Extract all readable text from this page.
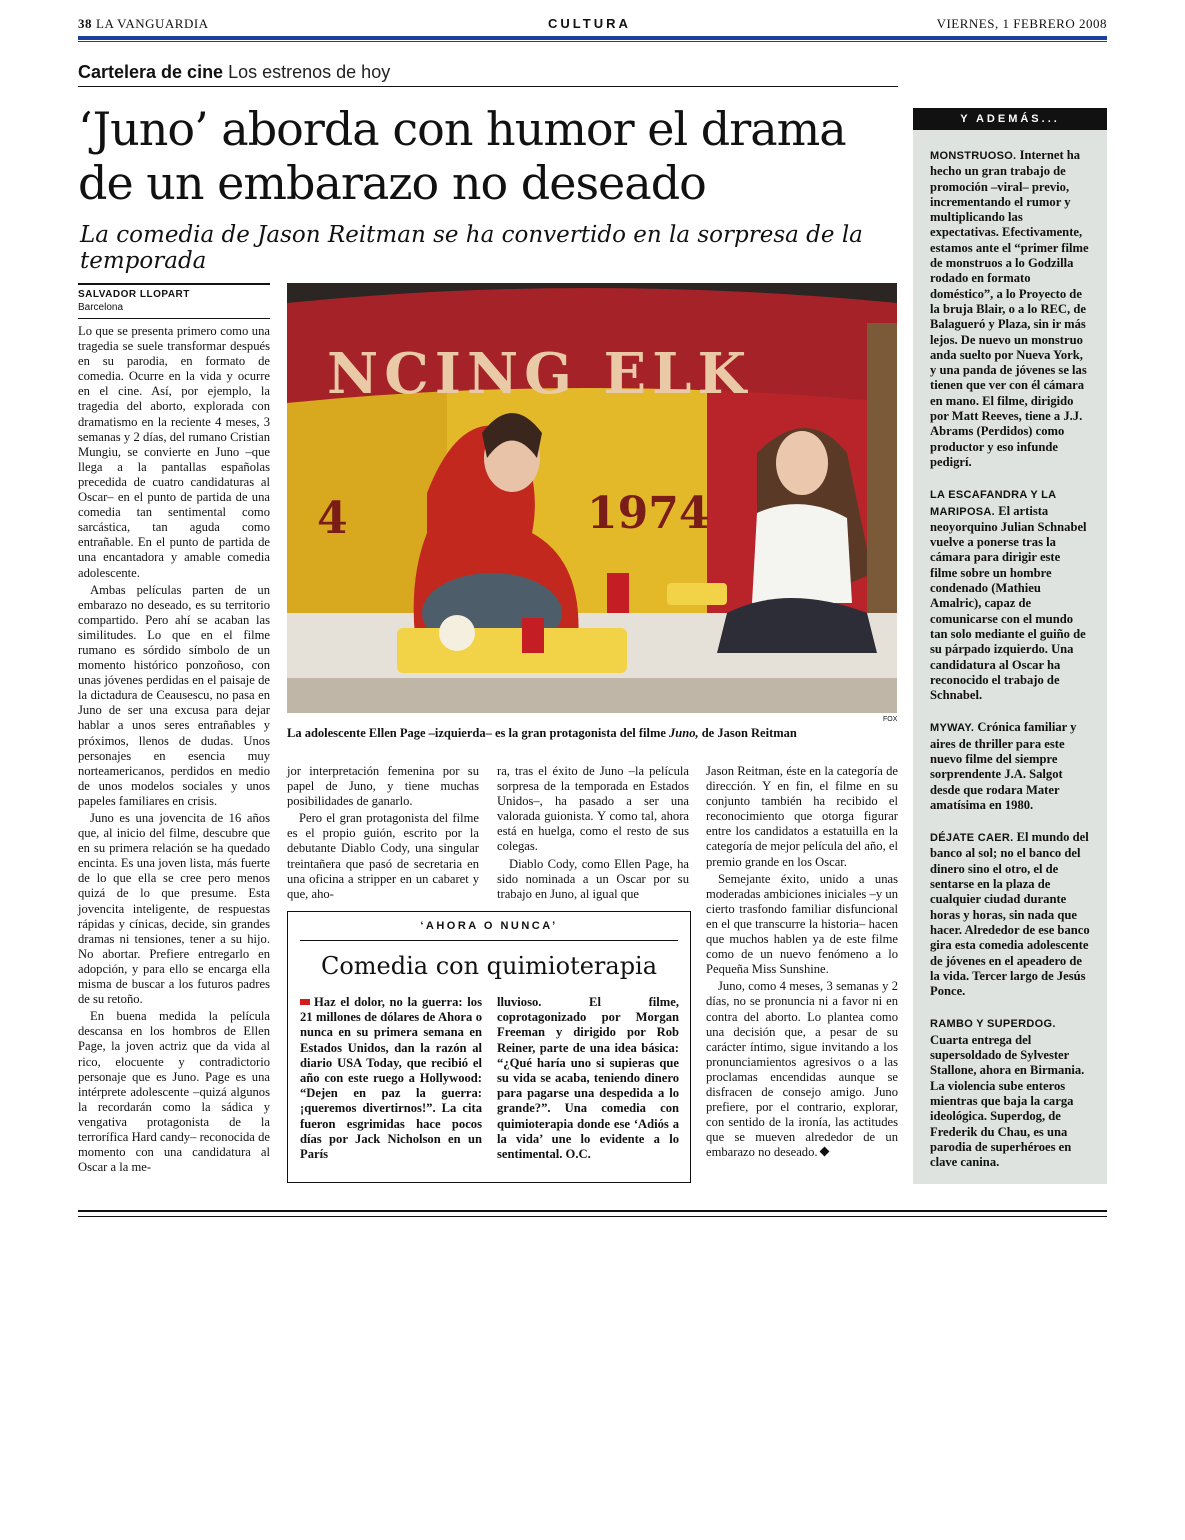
38 LA VANGUARDIA	CULTURA	VIERNES, 1 FEBRERO 2008
Cartelera de cine Los estrenos de hoy
‘Juno’ aborda con humor el drama
de un embarazo no deseado
La comedia de Jason Reitman se ha convertido en la sorpresa de la temporada
SALVADOR LLOPART
Barcelona

Lo que se presenta primero como una tragedia se suele transformar después en su parodia, en formato de comedia. Ocurre en la vida y ocurre en el cine. Así, por ejemplo, la tragedia del aborto, explorada con dramatismo en la reciente 4 meses, 3 semanas y 2 días, del rumano Cristian Mungiu, se convierte en Juno –que llega a la pantallas españolas precedida de cuatro candidaturas al Oscar– en el punto de partida de una comedia tan sentimental como sarcástica, tan aguda como entrañable. En el punto de partida de una encantadora y amable comedia adolescente.

Ambas películas parten de un embarazo no deseado, es su territorio compartido. Pero ahí se acaban las similitudes. Lo que en el filme rumano es sórdido símbolo de un momento histórico ponzoñoso, con unas jóvenes perdidas en el paisaje de la dictadura de Ceausescu, no pasa en Juno de ser una excusa para dejar hablar a unos seres entrañables y próximos, llenos de dudas. Unos personajes en esencia muy norteamericanos, perdidos en medio de unos modelos sociales y unos papeles familiares en crisis.

Juno es una jovencita de 16 años que, al inicio del filme, descubre que en su primera relación se ha quedado encinta. Es una joven lista, más fuerte de lo que ella se cree pero menos quizá de lo que presume. Esta jovencita inteligente, de respuestas rápidas y cínicas, decide, sin grandes dramas ni tensiones, tener a su hijo. No abortar. Prefiere entregarlo en adopción, y para ello se encarga ella misma de buscar a los futuros padres de su retoño.

En buena medida la película descansa en los hombros de Ellen Page, la joven actriz que da vida al rico, elocuente y contradictorio personaje que es Juno. Page es una intérprete adolescente –quizá algunos la recordarán como la sádica y vengativa protagonista de la terrorífica Hard candy– reconocida de momento con una candidatura al Oscar a la me-

NCING ELK
4	1974
FOX
La adolescente Ellen Page –izquierda– es la gran protagonista del filme Juno, de Jason Reitman

jor interpretación femenina por su papel de Juno, y tiene muchas posibilidades de ganarlo.

Pero el gran protagonista del filme es el propio guión, escrito por la debutante Diablo Cody, una singular treintañera que pasó de secretaria en una oficina a stripper en un cabaret y que, aho-

ra, tras el éxito de Juno –la película sorpresa de la temporada en Estados Unidos–, ha pasado a ser una valorada guionista. Y como tal, ahora está en huelga, como el resto de sus colegas.

Diablo Cody, como Ellen Page, ha sido nominada a un Oscar por su trabajo en Juno, al igual que

Jason Reitman, éste en la categoría de dirección. Y en fin, el filme en su conjunto también ha recibido el reconocimiento que otorga figurar entre los candidatos a estatuilla en la categoría de mejor película del año, el premio grande en los Oscar.

Semejante éxito, unido a unas moderadas ambiciones iniciales –y un cierto trasfondo familiar disfuncional en el que transcurre la historia– hacen que muchos hablen ya de este filme como de un nuevo fenómeno a lo Pequeña Miss Sunshine.

Juno, como 4 meses, 3 semanas y 2 días, no se pronuncia ni a favor ni en contra del aborto. Lo plantea como una decisión que, a pesar de su carácter íntimo, sigue invitando a los pronunciamientos agresivos o a las proclamas encendidas aunque se disfracen de consejo amigo. Juno prefiere, por el contrario, explorar, con sentido de la ironía, las actitudes que se mueven alrededor de un embarazo no deseado.

‘AHORA O NUNCA’
Comedia con quimioterapia

Haz el dolor, no la guerra: los 21 millones de dólares de Ahora o nunca en su primera semana en Estados Unidos, dan la razón al diario USA Today, que recibió el año con este ruego a Hollywood: “Dejen en paz la guerra: ¡queremos divertirnos!”. La cita fueron esgrimidas hace pocos días por Jack Nicholson en un París

lluvioso. El filme, coprotagonizado por Morgan Freeman y dirigido por Rob Reiner, parte de una idea básica: “¿Qué haría uno si supieras que su vida se acaba, teniendo dinero para pagarse una despedida a lo grande?”. Una comedia con quimioterapia donde ese ‘Adiós a la vida’ une lo evidente a lo sentimental. O.C.

Y ADEMÁS...

MONSTRUOSO. Internet ha hecho un gran trabajo de promoción –viral– previo, incrementando el rumor y multiplicando las expectativas. Efectivamente, estamos ante el “primer filme de monstruos a lo Godzilla rodado en formato doméstico”, a lo Proyecto de la bruja Blair, o a lo REC, de Balagueró y Plaza, sin ir más lejos. De nuevo un monstruo anda suelto por Nueva York, y una panda de jóvenes se las tienen que ver con él cámara en mano. El filme, dirigido por Matt Reeves, tiene a J.J. Abrams (Perdidos) como productor y eso infunde pedigrí.

LA ESCAFANDRA Y LA MARIPOSA. El artista neoyorquino Julian Schnabel vuelve a ponerse tras la cámara para dirigir este filme sobre un hombre condenado (Mathieu Amalric), capaz de comunicarse con el mundo tan solo mediante el guiño de su párpado izquierdo. Una candidatura al Oscar ha reconocido el trabajo de Schnabel.

MYWAY. Crónica familiar y aires de thriller para este nuevo filme del siempre sorprendente J.A. Salgot desde que rodara Mater amatísima en 1980.

DÉJATE CAER. El mundo del banco al sol; no el banco del dinero sino el otro, el de sentarse en la plaza de cualquier ciudad durante horas y horas, sin nada que hacer. Alrededor de ese banco gira esta comedia adolescente de jóvenes en el apeadero de la vida. Tercer largo de Jesús Ponce.

RAMBO Y SUPERDOG. Cuarta entrega del supersoldado de Sylvester Stallone, ahora en Birmania. La violencia sube enteros mientras que baja la carga ideológica. Superdog, de Frederik du Chau, es una parodia de superhéroes en clave canina.
